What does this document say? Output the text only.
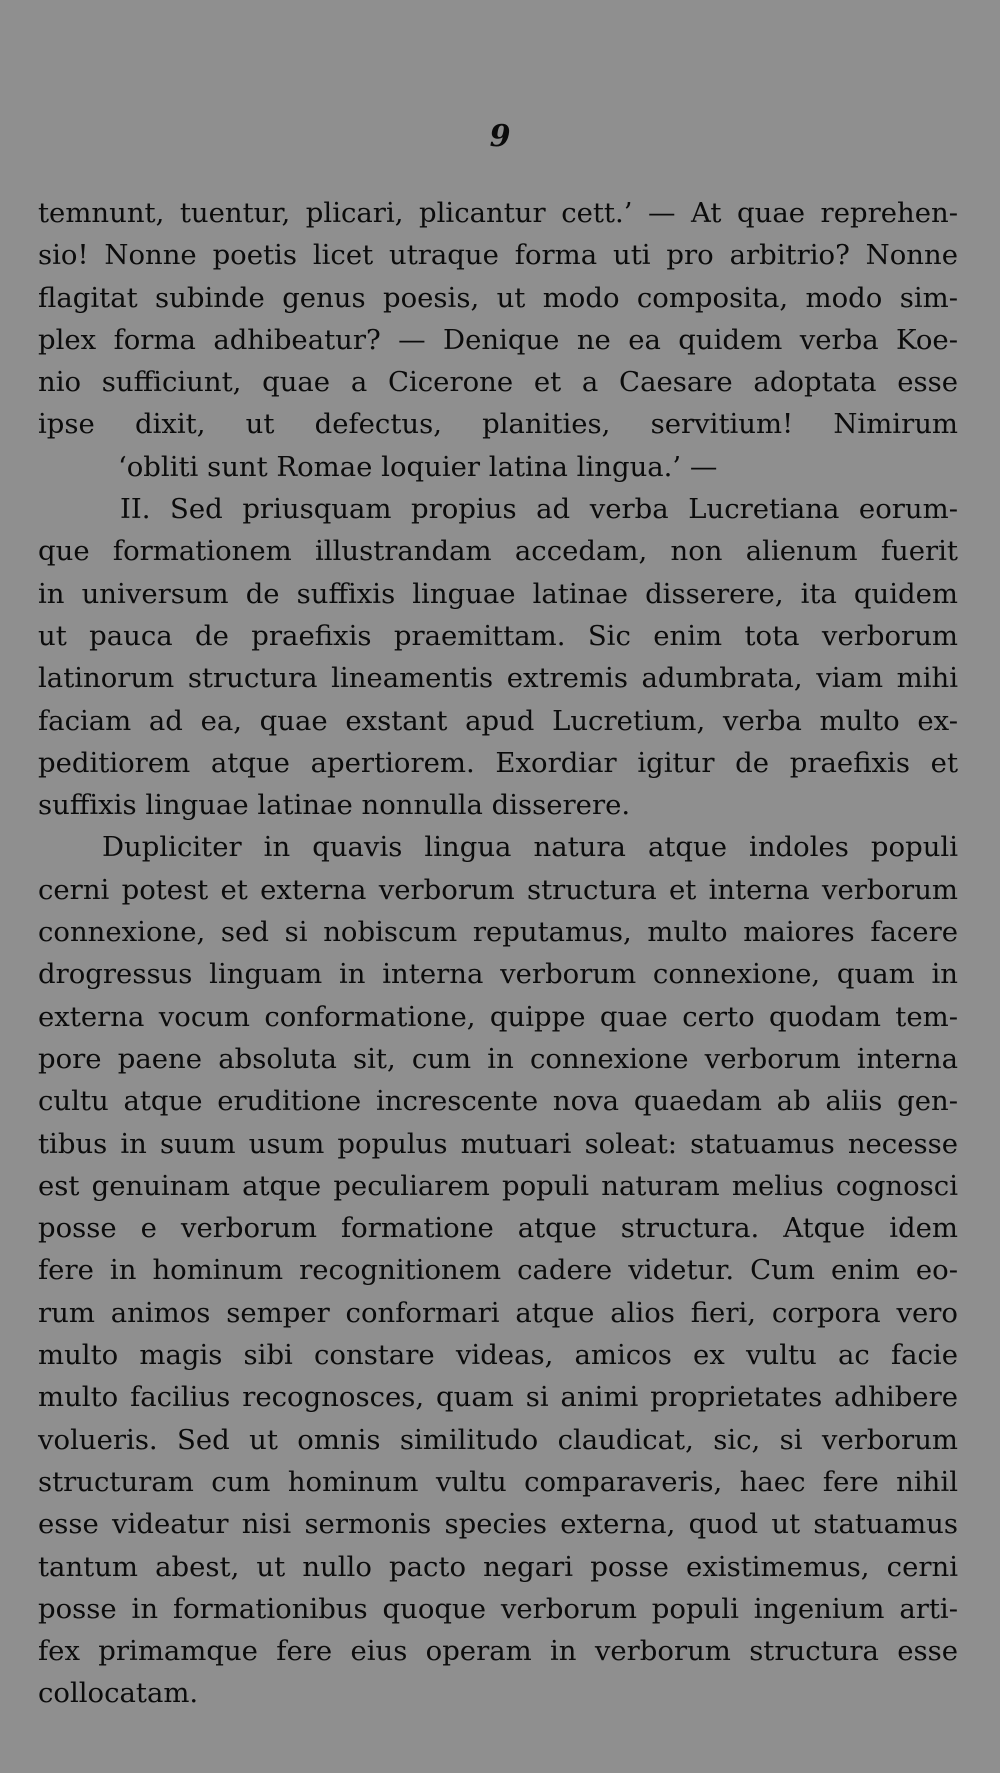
9
temnunt, tuentur, plicari, plicantur cett.’ — At quae reprehen-
sio! Nonne poetis licet utraque forma uti pro arbitrio? Nonne
flagitat subinde genus poesis, ut modo composita, modo sim-
plex forma adhibeatur? — Denique ne ea quidem verba Koe-
nio sufficiunt, quae a Cicerone et a Caesare adoptata esse
ipse dixit, ut defectus, planities, servitium! Nimirum
‘obliti sunt Romae loquier latina lingua.’ —
II. Sed priusquam propius ad verba Lucretiana eorum-
que formationem illustrandam accedam, non alienum fuerit
in universum de suffixis linguae latinae disserere, ita quidem
ut pauca de praefixis praemittam. Sic enim tota verborum
latinorum structura lineamentis extremis adumbrata, viam mihi
faciam ad ea, quae exstant apud Lucretium, verba multo ex-
peditiorem atque apertiorem. Exordiar igitur de praefixis et
suffixis linguae latinae nonnulla disserere.
Dupliciter in quavis lingua natura atque indoles populi
cerni potest et externa verborum structura et interna verborum
connexione, sed si nobiscum reputamus, multo maiores facere
drogressus linguam in interna verborum connexione, quam in
externa vocum conformatione, quippe quae certo quodam tem-
pore paene absoluta sit, cum in connexione verborum interna
cultu atque eruditione increscente nova quaedam ab aliis gen-
tibus in suum usum populus mutuari soleat: statuamus necesse
est genuinam atque peculiarem populi naturam melius cognosci
posse e verborum formatione atque structura. Atque idem
fere in hominum recognitionem cadere videtur. Cum enim eo-
rum animos semper conformari atque alios fieri, corpora vero
multo magis sibi constare videas, amicos ex vultu ac facie
multo facilius recognosces, quam si animi proprietates adhibere
volueris. Sed ut omnis similitudo claudicat, sic, si verborum
structuram cum hominum vultu comparaveris, haec fere nihil
esse videatur nisi sermonis species externa, quod ut statuamus
tantum abest, ut nullo pacto negari posse existimemus, cerni
posse in formationibus quoque verborum populi ingenium arti-
fex primamque fere eius operam in verborum structura esse
collocatam.
